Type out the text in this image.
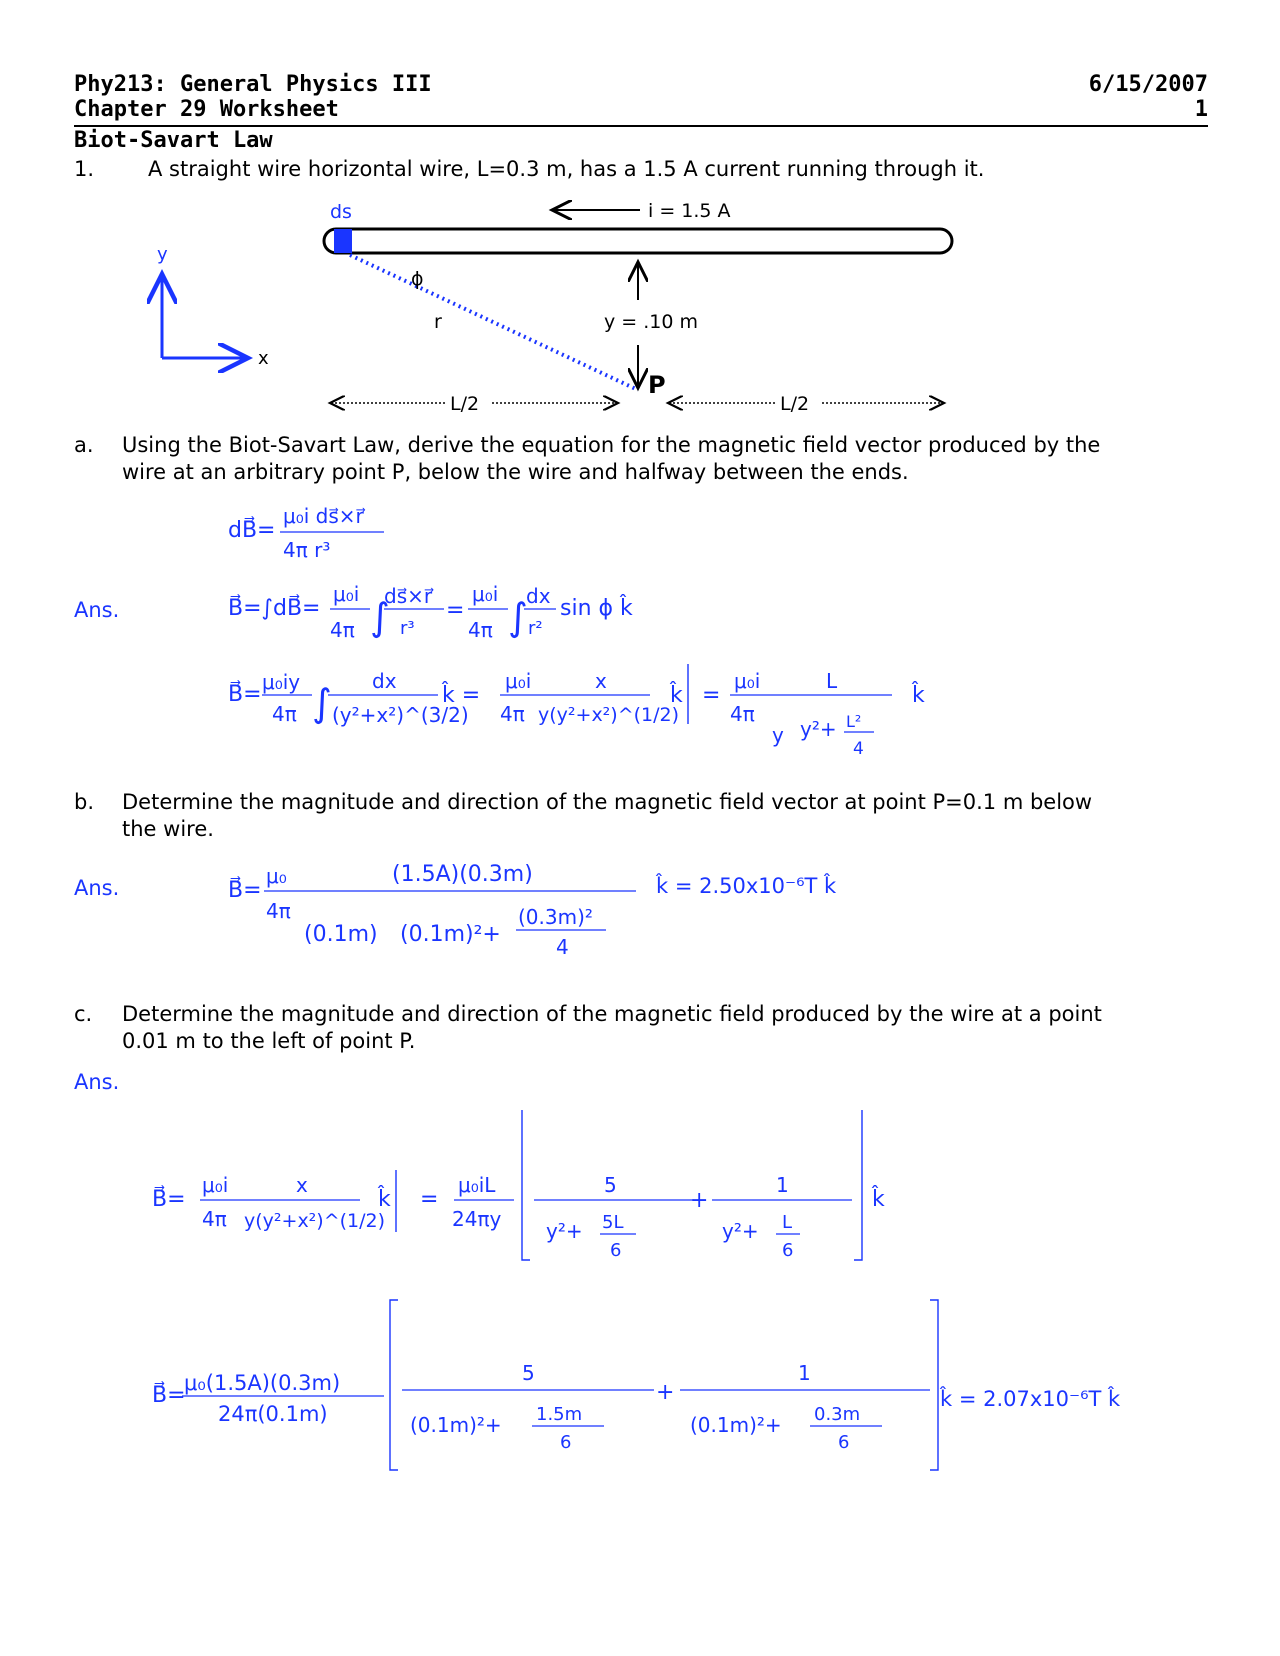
Phy213: General Physics III
Chapter 29 Worksheet
6/15/2007
1
Biot-Savart Law
1.	A straight wire horizontal wire, L=0.3 m, has a 1.5 A current running through it.
ds	i = 1.5 A
ϕ
r	y = .10 m
P
L/2	L/2
y
x
a. Using the Biot-Savart Law, derive the equation for the magnetic field vector produced by the
wire at an arbitrary point P, below the wire and halfway between the ends.
dB⃗=
μ₀i ds⃗×r⃗
4π r³
B⃗=∫dB⃗=
μ₀i
4π ∫
ds⃗×r⃗
r³
=
μ₀i
4π ∫
dx
r²
sin ϕ k̂
B⃗= μ₀iy
4π ∫ dx
(y²+x²)^(3/2)
k̂ =
μ₀i
4π
x
y(y²+x²)^(1/2)
k̂ =
μ₀i
4π
L
y y²+ L²
4
k̂
Ans.
b. Determine the magnitude and direction of the magnetic field vector at point P=0.1 m below
the wire.
Ans.	B⃗=
μ₀
4π
(1.5A)(0.3m)
(0.1m) (0.1m)²+
(0.3m)²
4
k̂ = 2.50x10⁻⁶T k̂
c. Determine the magnitude and direction of the magnetic field produced by the wire at a point
0.01 m to the left of point P.
Ans.
B⃗=
μ₀i
4π
x
y(y²+x²)^(1/2)
k̂ =
μ₀iL
24πy
5
+
1
y²+ 5L
6
y²+ L
6
k̂
B⃗=
μ₀(1.5A)(0.3m)
24π(0.1m)
5
+
1
(0.1m)²+ 1.5m
6
(0.1m)²+ 0.3m
6
k̂ = 2.07x10⁻⁶T k̂
